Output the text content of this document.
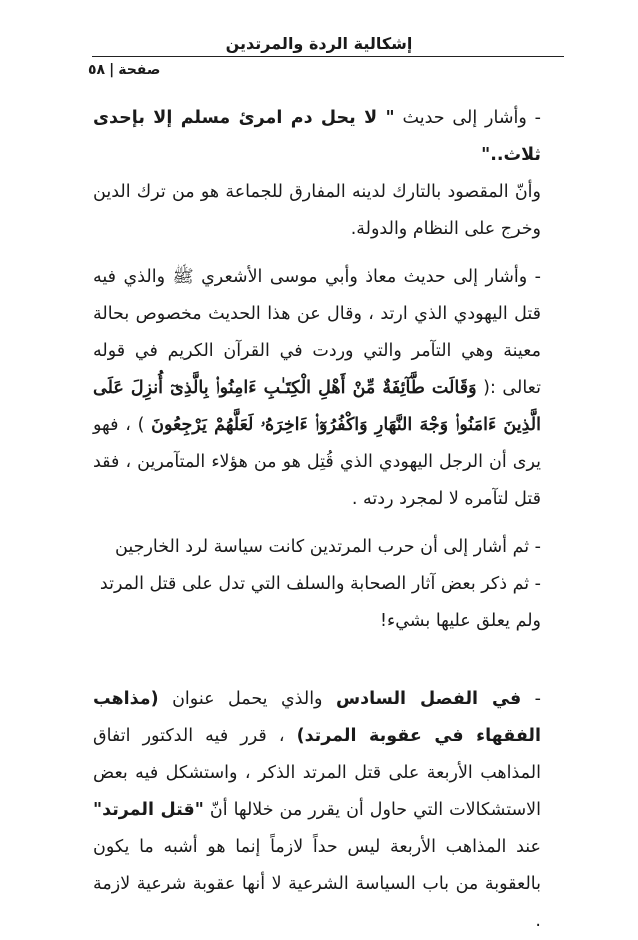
إشكالية الردة والمرتدين
صفحة|٥٨

- وأشار إلى حديث " لا يحل دم امرئ مسلم إلا بإحدى ثلاث.."

وأنّ المقصود بالتارك لدينه المفارق للجماعة هو من ترك الدين وخرج على النظام والدولة.

- وأشار إلى حديث معاذ وأبي موسى الأشعري ﷺ والذي فيه قتل اليهودي الذي ارتد ، وقال عن هذا الحديث مخصوص بحالة معينة وهي التآمر والتي وردت في القرآن الكريم في قوله تعالى :( وَقَالَت طَّآئِفَةٌ مِّنْ أَهْلِ الْكِتَـٰبِ ءَامِنُوا۟ بِالَّذِىٓ أُنزِلَ عَلَى الَّذِينَ ءَامَنُوا۟ وَجْهَ النَّهَارِ وَاكْفُرُوٓا۟ ءَاخِرَهُۥ لَعَلَّهُمْ يَرْجِعُونَ ) ، فهو يرى أن الرجل اليهودي الذي قُتِل هو من هؤلاء المتآمرين ، فقد قتل لتآمره لا لمجرد ردته .

- ثم أشار إلى أن حرب المرتدين كانت سياسة لرد الخارجين

- ثم ذكر بعض آثار الصحابة والسلف التي تدل على قتل المرتد

ولم يعلق عليها بشيء!

- في الفصل السادس والذي يحمل عنوان (مذاهب الفقهاء في عقوبة المرتد) ، قرر فيه الدكتور اتفاق المذاهب الأربعة على قتل المرتد الذكر ، واستشكل فيه بعض الاستشكالات التي حاول أن يقرر من خلالها أنّ "قتل المرتد" عند المذاهب الأربعة ليس حداً لازماً إنما هو أشبه ما يكون بالعقوبة من باب السياسة الشرعية لا أنها عقوبة شرعية لازمة .
